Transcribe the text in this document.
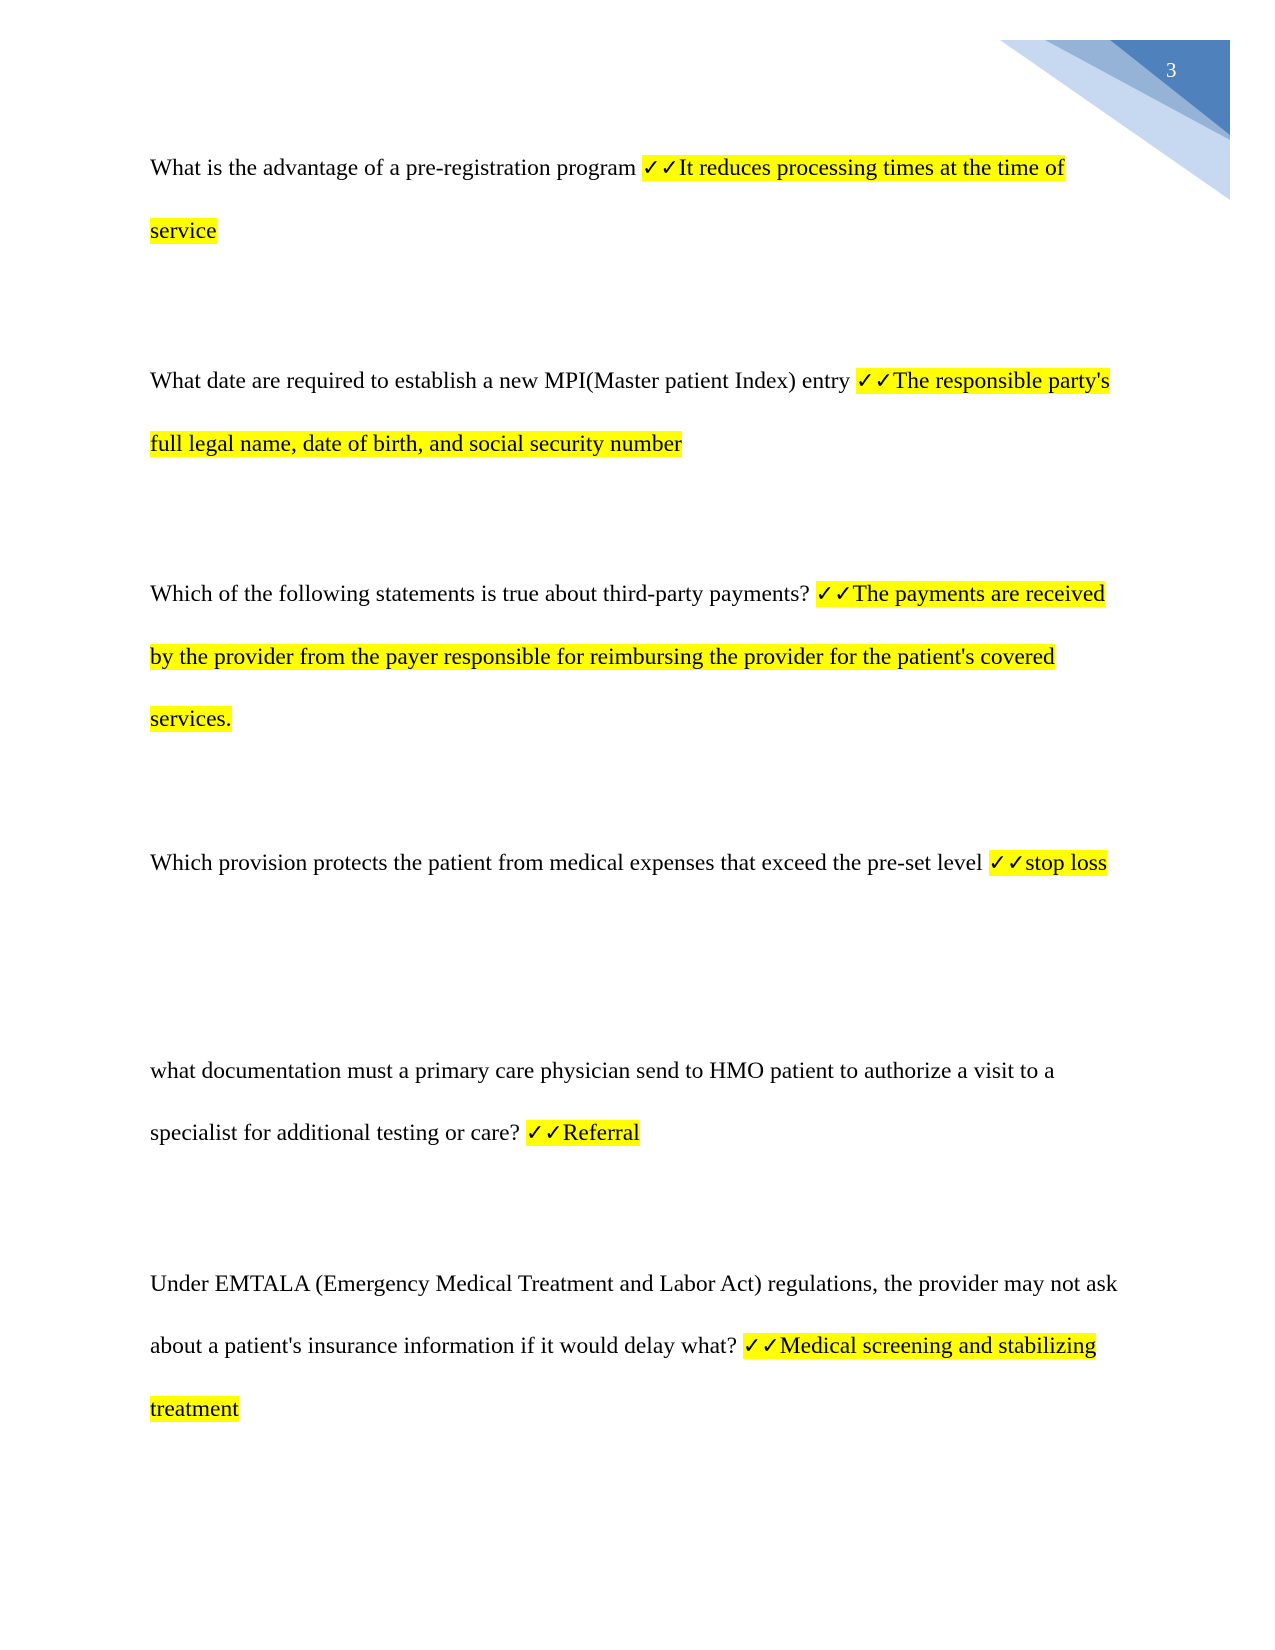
3

What is the advantage of a pre-registration program ✓✓It reduces processing times at the time of service

What date are required to establish a new MPI(Master patient Index) entry ✓✓The responsible party's full legal name, date of birth, and social security number

Which of the following statements is true about third-party payments? ✓✓The payments are received by the provider from the payer responsible for reimbursing the provider for the patient's covered services.

Which provision protects the patient from medical expenses that exceed the pre-set level ✓✓stop loss

what documentation must a primary care physician send to HMO patient to authorize a visit to a specialist for additional testing or care? ✓✓Referral

Under EMTALA (Emergency Medical Treatment and Labor Act) regulations, the provider may not ask about a patient's insurance information if it would delay what? ✓✓Medical screening and stabilizing treatment
